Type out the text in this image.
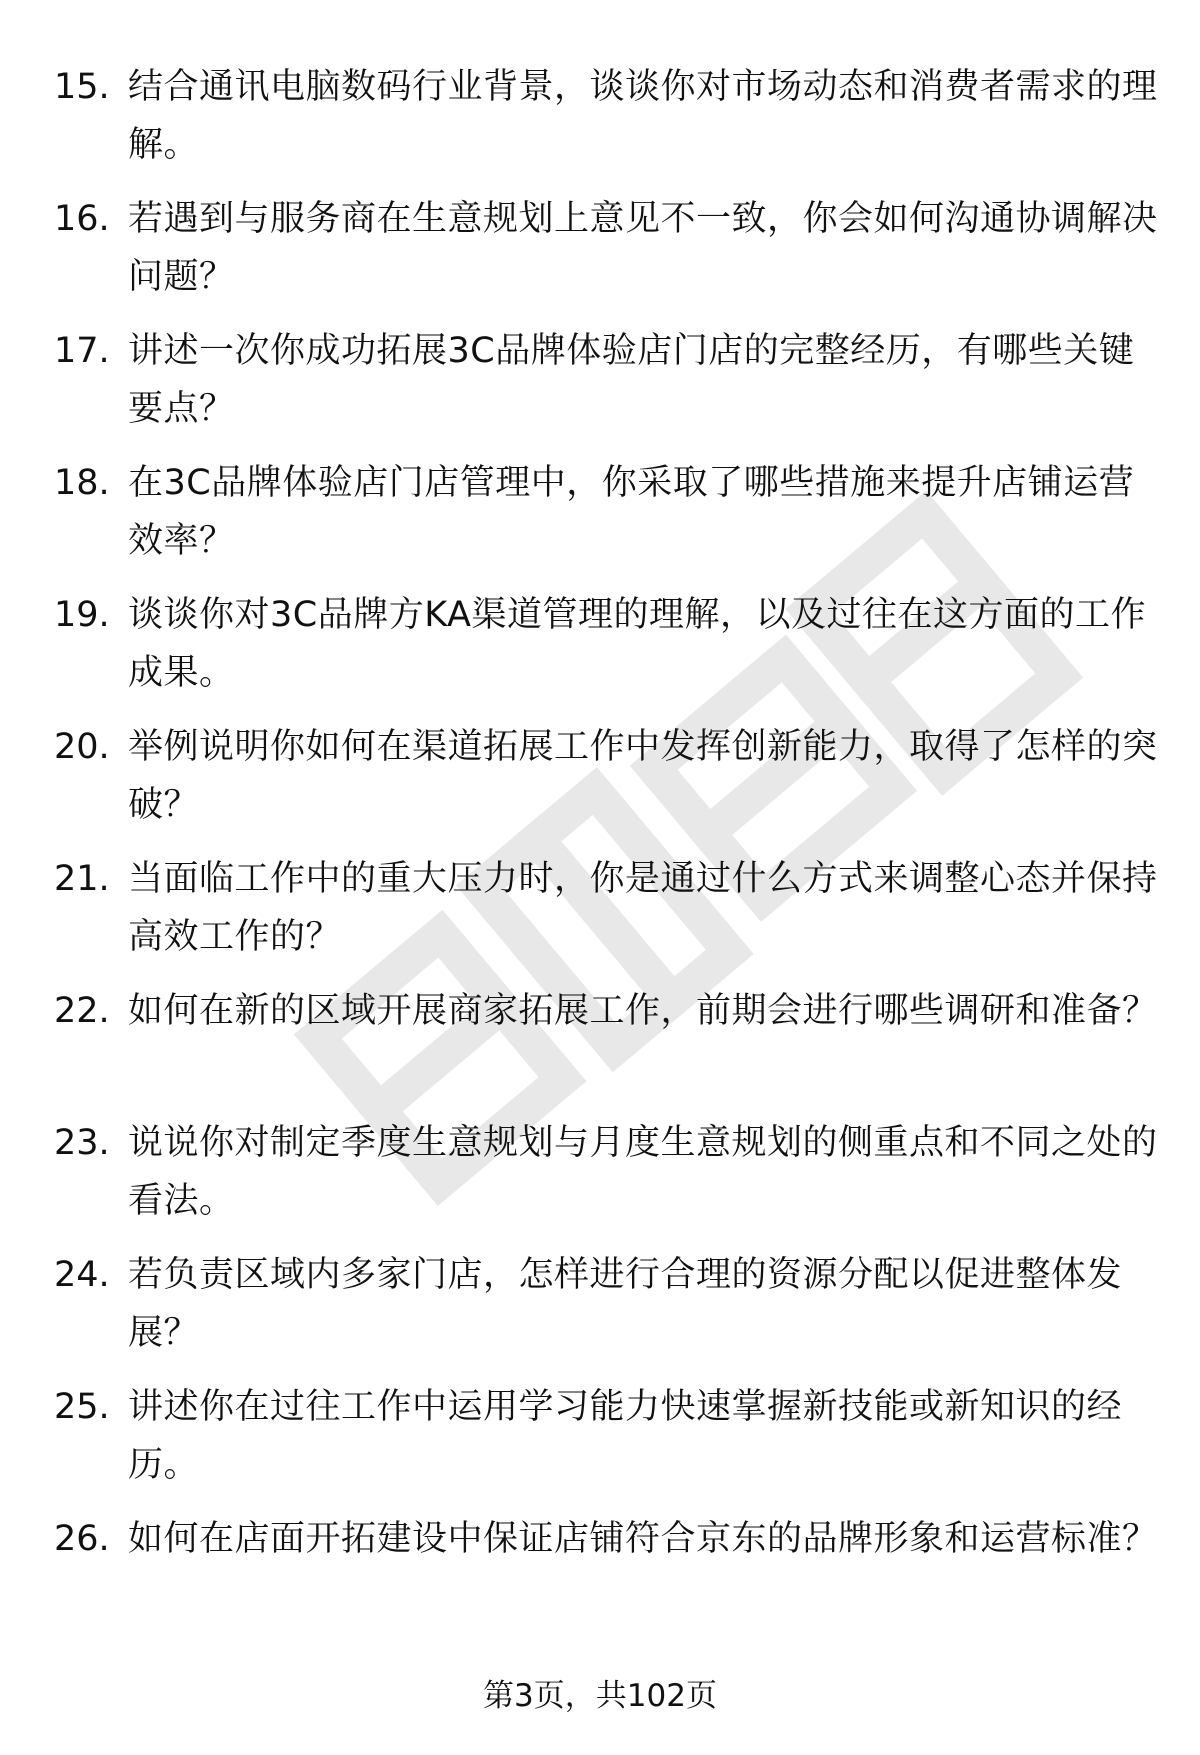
15. 结合通讯电脑数码行业背景，谈谈你对市场动态和消费者需求的理解。
16. 若遇到与服务商在生意规划上意见不一致，你会如何沟通协调解决问题？
17. 讲述一次你成功拓展3C品牌体验店门店的完整经历，有哪些关键要点？
18. 在3C品牌体验店门店管理中，你采取了哪些措施来提升店铺运营效率？
19. 谈谈你对3C品牌方KA渠道管理的理解，以及过往在这方面的工作成果。
20. 举例说明你如何在渠道拓展工作中发挥创新能力，取得了怎样的突破？
21. 当面临工作中的重大压力时，你是通过什么方式来调整心态并保持高效工作的？
22. 如何在新的区域开展商家拓展工作，前期会进行哪些调研和准备？
23. 说说你对制定季度生意规划与月度生意规划的侧重点和不同之处的看法。
24. 若负责区域内多家门店，怎样进行合理的资源分配以促进整体发展？
25. 讲述你在过往工作中运用学习能力快速掌握新技能或新知识的经历。
26. 如何在店面开拓建设中保证店铺符合京东的品牌形象和运营标准？
第3页，共102页
